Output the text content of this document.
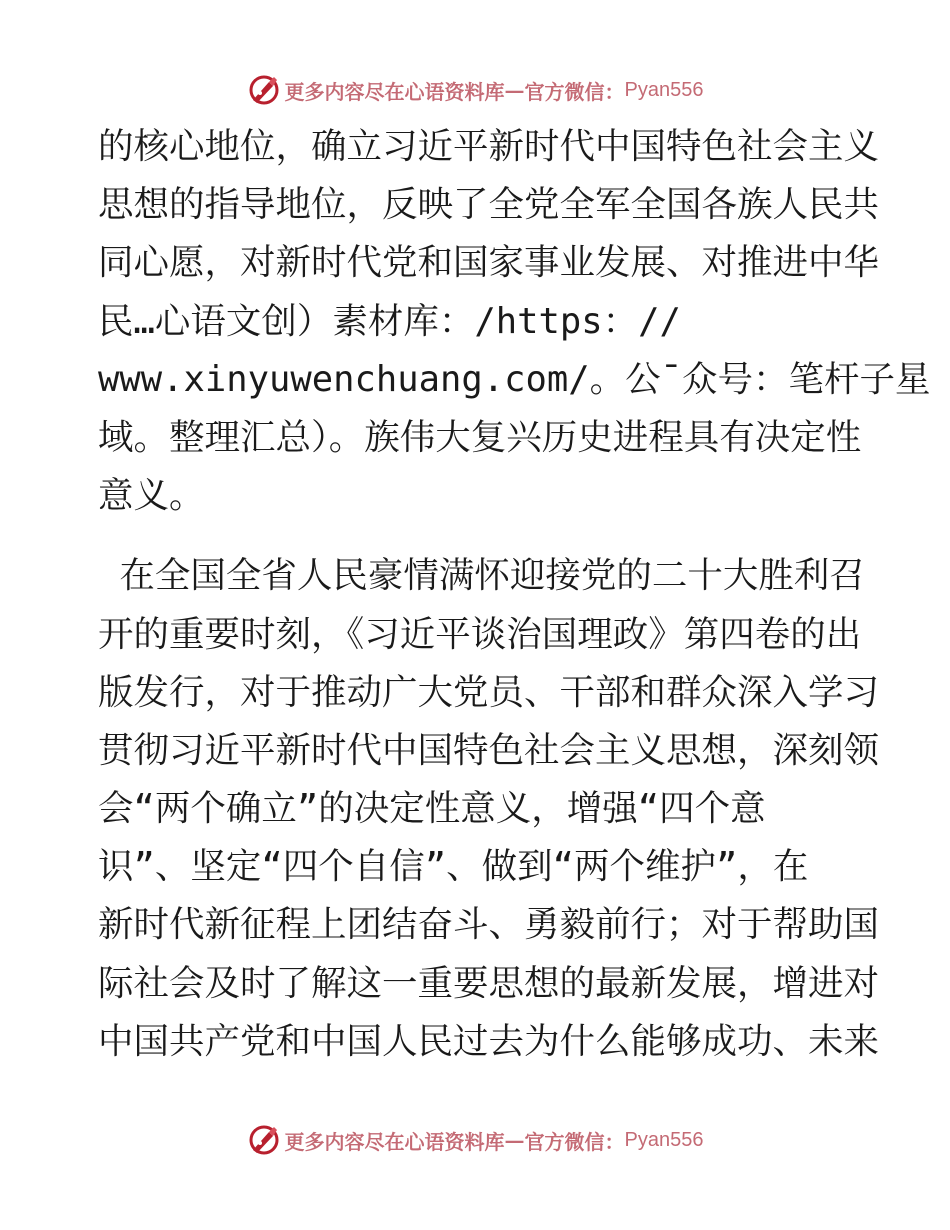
更多内容尽在心语资料库 — 官方微信： Pyan556
的核心地位，确立习近平新时代中国特色社会主义
思想的指导地位，反映了全党全军全国各族人民共
同心愿，对新时代党和国家事业发展、对推进中华
民…心语文创）素材库：/https：//
www.xinyuwenchuang.com/。公¯众号：笔杆子星
域。整理汇总）。族伟大复兴历史进程具有决定性
意义。
在全国全省人民豪情满怀迎接党的二十大胜利召
开的重要时刻，《习近平谈治国理政》第四卷的出
版发行，对于推动广大党员、干部和群众深入学习
贯彻习近平新时代中国特色社会主义思想，深刻领
会“两个确立”的决定性意义，增强“四个意
识”、坚定“四个自信”、做到“两个维护”，在
新时代新征程上团结奋斗、勇毅前行；对于帮助国
际社会及时了解这一重要思想的最新发展，增进对
中国共产党和中国人民过去为什么能够成功、未来
更多内容尽在心语资料库 — 官方微信： Pyan556
